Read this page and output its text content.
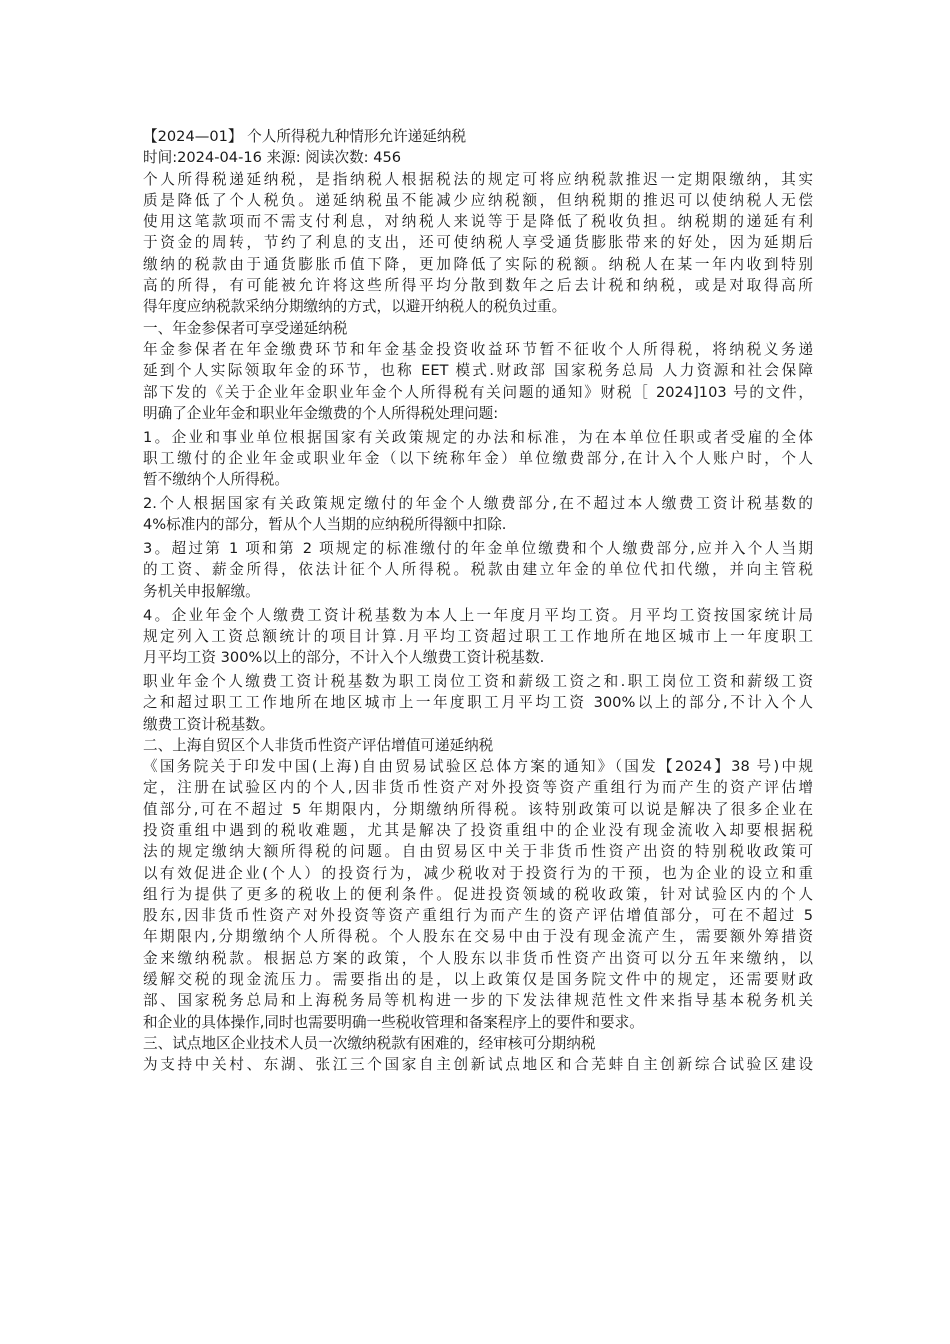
【2024—01】 个人所得税九种情形允许递延纳税

时间:2024-04-16 来源: 阅读次数: 456

个人所得税递延纳税，是指纳税人根据税法的规定可将应纳税款推迟一定期限缴纳，其实

质是降低了个人税负。递延纳税虽不能减少应纳税额，但纳税期的推迟可以使纳税人无偿

使用这笔款项而不需支付利息，对纳税人来说等于是降低了税收负担。纳税期的递延有利

于资金的周转，节约了利息的支出，还可使纳税人享受通货膨胀带来的好处，因为延期后

缴纳的税款由于通货膨胀币值下降，更加降低了实际的税额。纳税人在某一年内收到特别

高的所得，有可能被允许将这些所得平均分散到数年之后去计税和纳税，或是对取得高所

得年度应纳税款采纳分期缴纳的方式，以避开纳税人的税负过重。

一、年金参保者可享受递延纳税

年金参保者在年金缴费环节和年金基金投资收益环节暂不征收个人所得税，将纳税义务递

延到个人实际领取年金的环节，也称 EET 模式.财政部 国家税务总局 人力资源和社会保障

部下发的《关于企业年金职业年金个人所得税有关问题的通知》财税［ 2024]103 号的文件，

明确了企业年金和职业年金缴费的个人所得税处理问题:

1。企业和事业单位根据国家有关政策规定的办法和标准，为在本单位任职或者受雇的全体

职工缴付的企业年金或职业年金（以下统称年金）单位缴费部分,在计入个人账户时，个人

暂不缴纳个人所得税。

2.个人根据国家有关政策规定缴付的年金个人缴费部分,在不超过本人缴费工资计税基数的

4%标准内的部分，暂从个人当期的应纳税所得额中扣除.

3。超过第 1 项和第 2 项规定的标准缴付的年金单位缴费和个人缴费部分,应并入个人当期

的工资、薪金所得，依法计征个人所得税。税款由建立年金的单位代扣代缴，并向主管税

务机关申报解缴。

4。企业年金个人缴费工资计税基数为本人上一年度月平均工资。月平均工资按国家统计局

规定列入工资总额统计的项目计算.月平均工资超过职工工作地所在地区城市上一年度职工

月平均工资 300%以上的部分，不计入个人缴费工资计税基数.

职业年金个人缴费工资计税基数为职工岗位工资和薪级工资之和.职工岗位工资和薪级工资

之和超过职工工作地所在地区城市上一年度职工月平均工资 300%以上的部分,不计入个人

缴费工资计税基数。

二、上海自贸区个人非货币性资产评估增值可递延纳税

《国务院关于印发中国(上海)自由贸易试验区总体方案的通知》（国发【2024】38 号)中规

定，注册在试验区内的个人,因非货币性资产对外投资等资产重组行为而产生的资产评估增

值部分,可在不超过 5 年期限内，分期缴纳所得税。该特别政策可以说是解决了很多企业在

投资重组中遇到的税收难题，尤其是解决了投资重组中的企业没有现金流收入却要根据税

法的规定缴纳大额所得税的问题。自由贸易区中关于非货币性资产出资的特别税收政策可

以有效促进企业(个人）的投资行为，减少税收对于投资行为的干预，也为企业的设立和重

组行为提供了更多的税收上的便利条件。促进投资领域的税收政策，针对试验区内的个人

股东,因非货币性资产对外投资等资产重组行为而产生的资产评估增值部分，可在不超过 5

年期限内,分期缴纳个人所得税。个人股东在交易中由于没有现金流产生，需要额外筹措资

金来缴纳税款。根据总方案的政策，个人股东以非货币性资产出资可以分五年来缴纳，以

缓解交税的现金流压力。需要指出的是，以上政策仅是国务院文件中的规定，还需要财政

部、国家税务总局和上海税务局等机构进一步的下发法律规范性文件来指导基本税务机关

和企业的具体操作,同时也需要明确一些税收管理和备案程序上的要件和要求。

三、试点地区企业技术人员一次缴纳税款有困难的，经审核可分期纳税

为支持中关村、东湖、张江三个国家自主创新试点地区和合芜蚌自主创新综合试验区建设
